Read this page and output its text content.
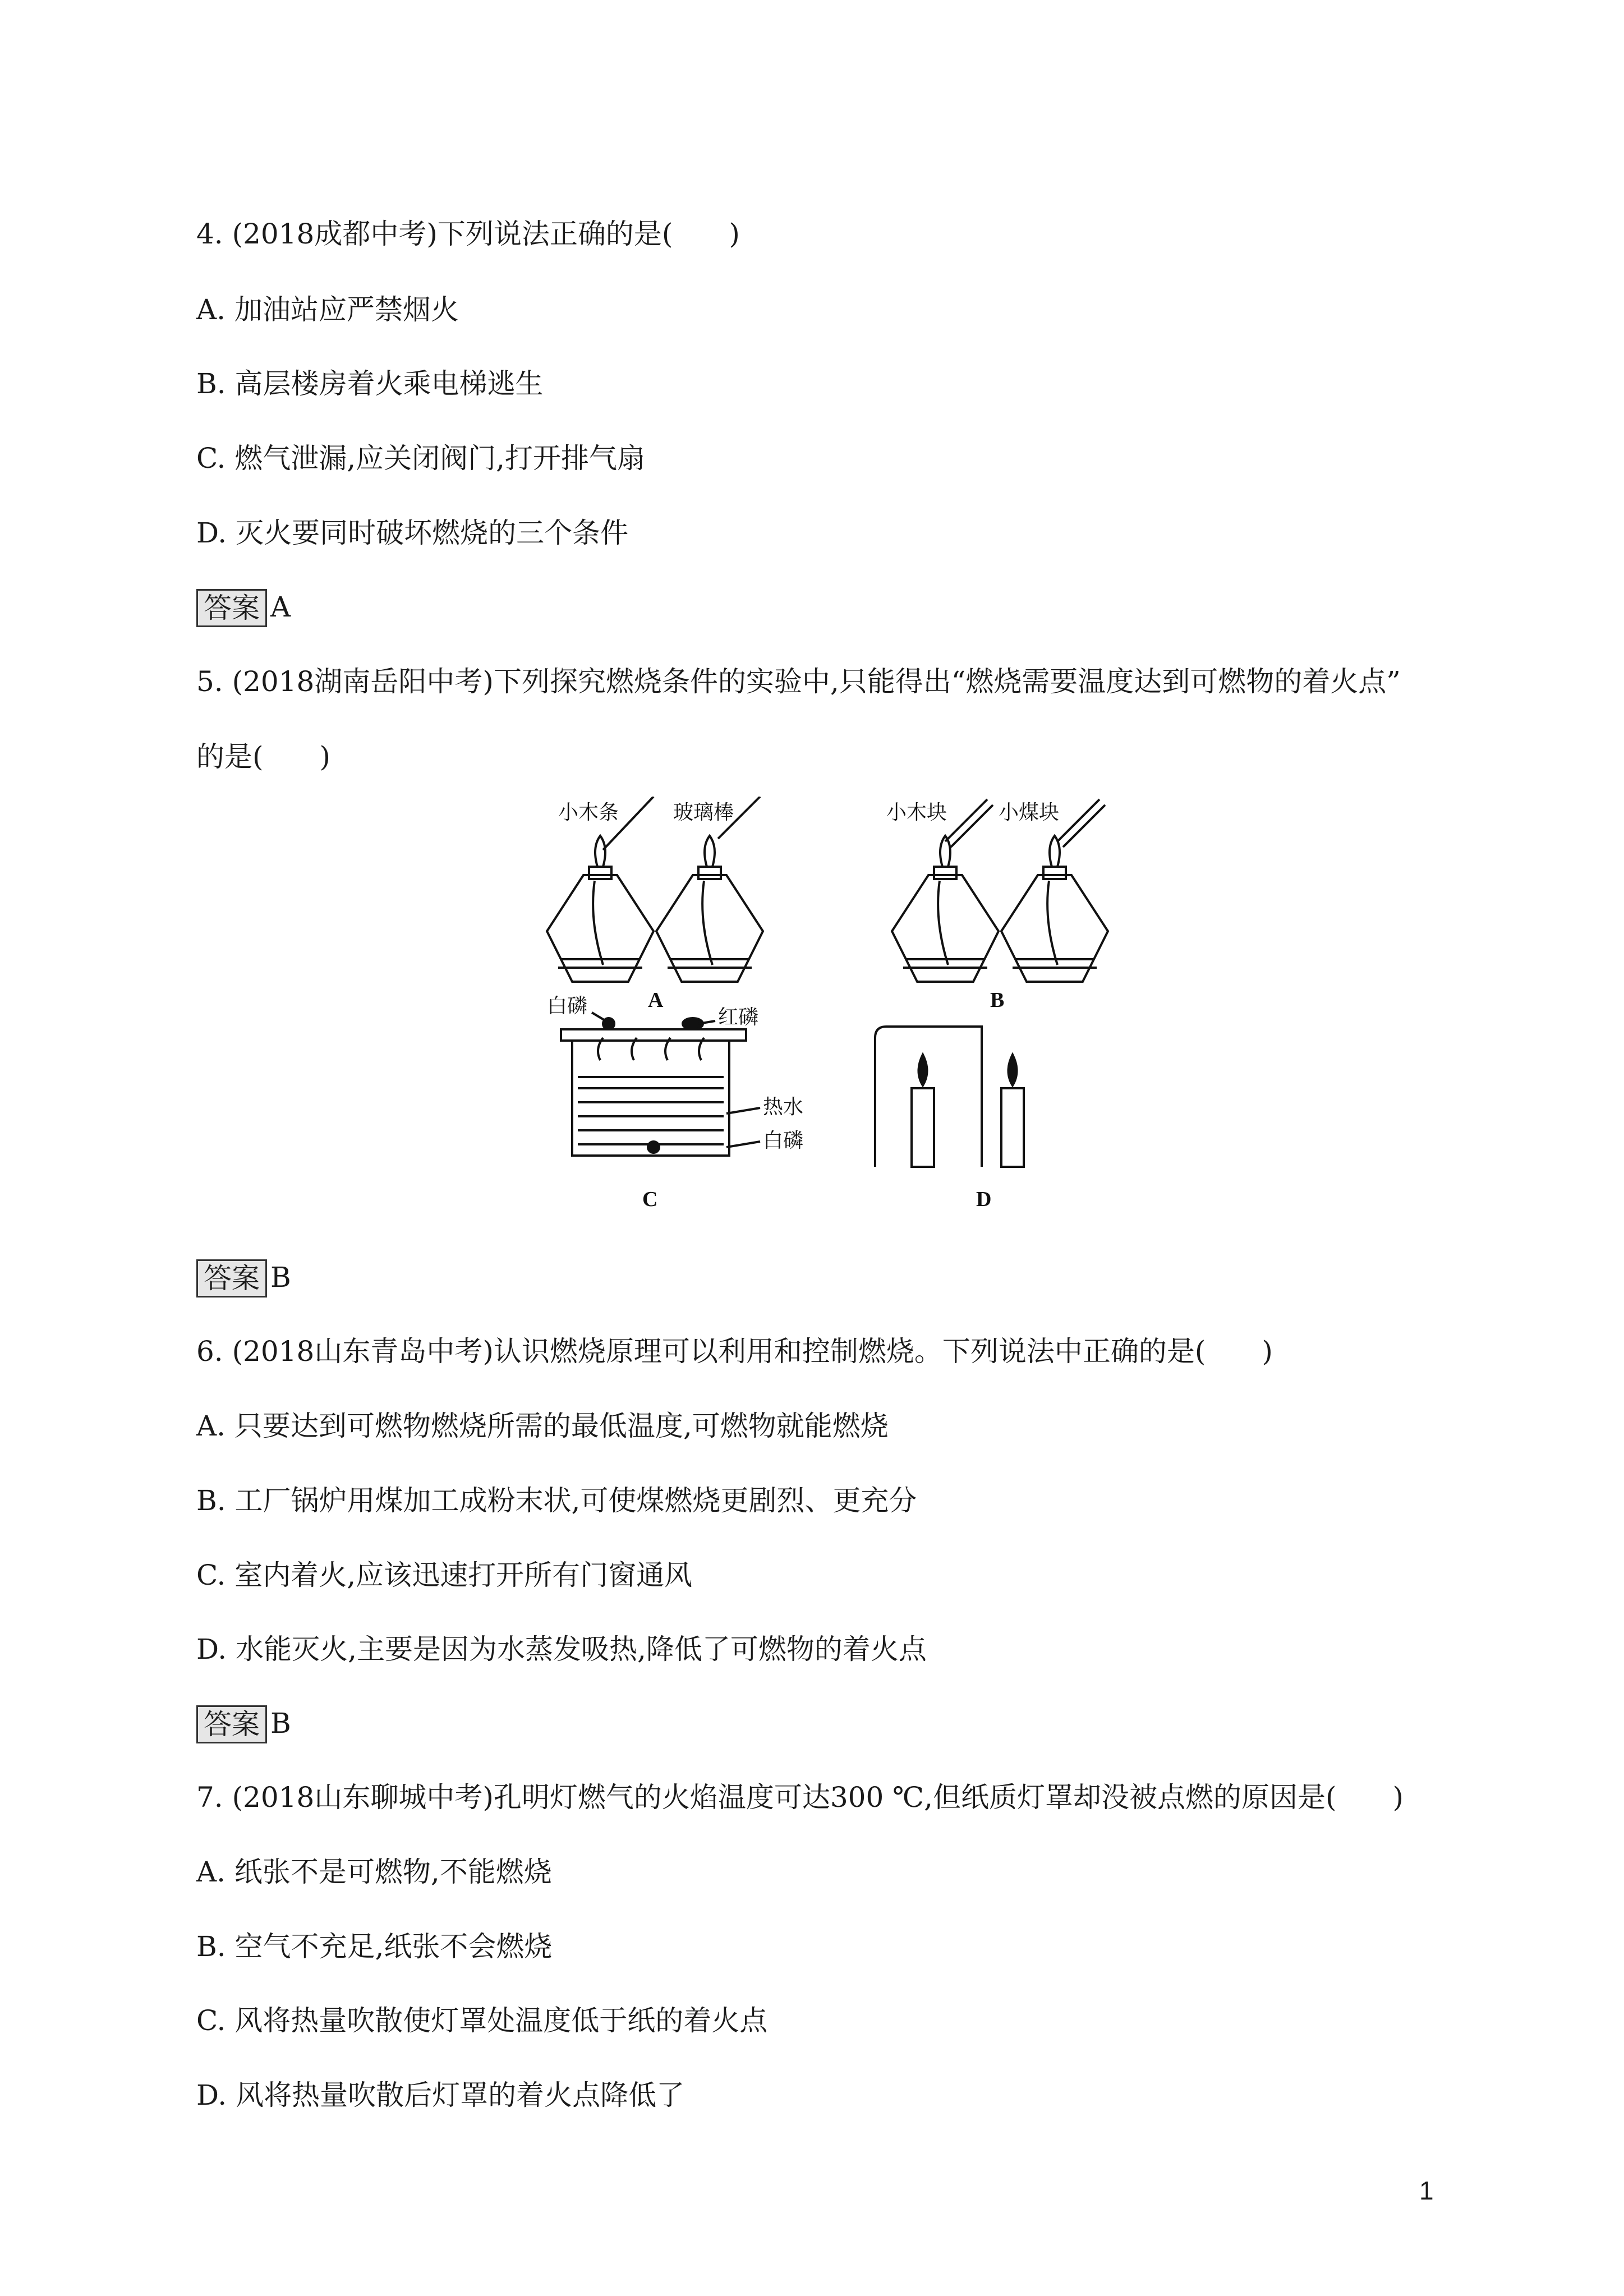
4. (2018成都中考)下列说法正确的是(　　)
A. 加油站应严禁烟火
B. 高层楼房着火乘电梯逃生
C. 燃气泄漏,应关闭阀门,打开排气扇
D. 灭火要同时破坏燃烧的三个条件
答案 A
5. (2018湖南岳阳中考)下列探究燃烧条件的实验中,只能得出“燃烧需要温度达到可燃物的着火点”
的是(　　)
小木条	玻璃棒	小木块	小煤块
白磷	红磷
热水
白磷
A	B
C	D
答案 B
6. (2018山东青岛中考)认识燃烧原理可以利用和控制燃烧。下列说法中正确的是(　　)
A. 只要达到可燃物燃烧所需的最低温度,可燃物就能燃烧
B. 工厂锅炉用煤加工成粉末状,可使煤燃烧更剧烈、更充分
C. 室内着火,应该迅速打开所有门窗通风
D. 水能灭火,主要是因为水蒸发吸热,降低了可燃物的着火点
答案 B
7. (2018山东聊城中考)孔明灯燃气的火焰温度可达300 ℃,但纸质灯罩却没被点燃的原因是(　　)
A. 纸张不是可燃物,不能燃烧
B. 空气不充足,纸张不会燃烧
C. 风将热量吹散使灯罩处温度低于纸的着火点
D. 风将热量吹散后灯罩的着火点降低了
1
